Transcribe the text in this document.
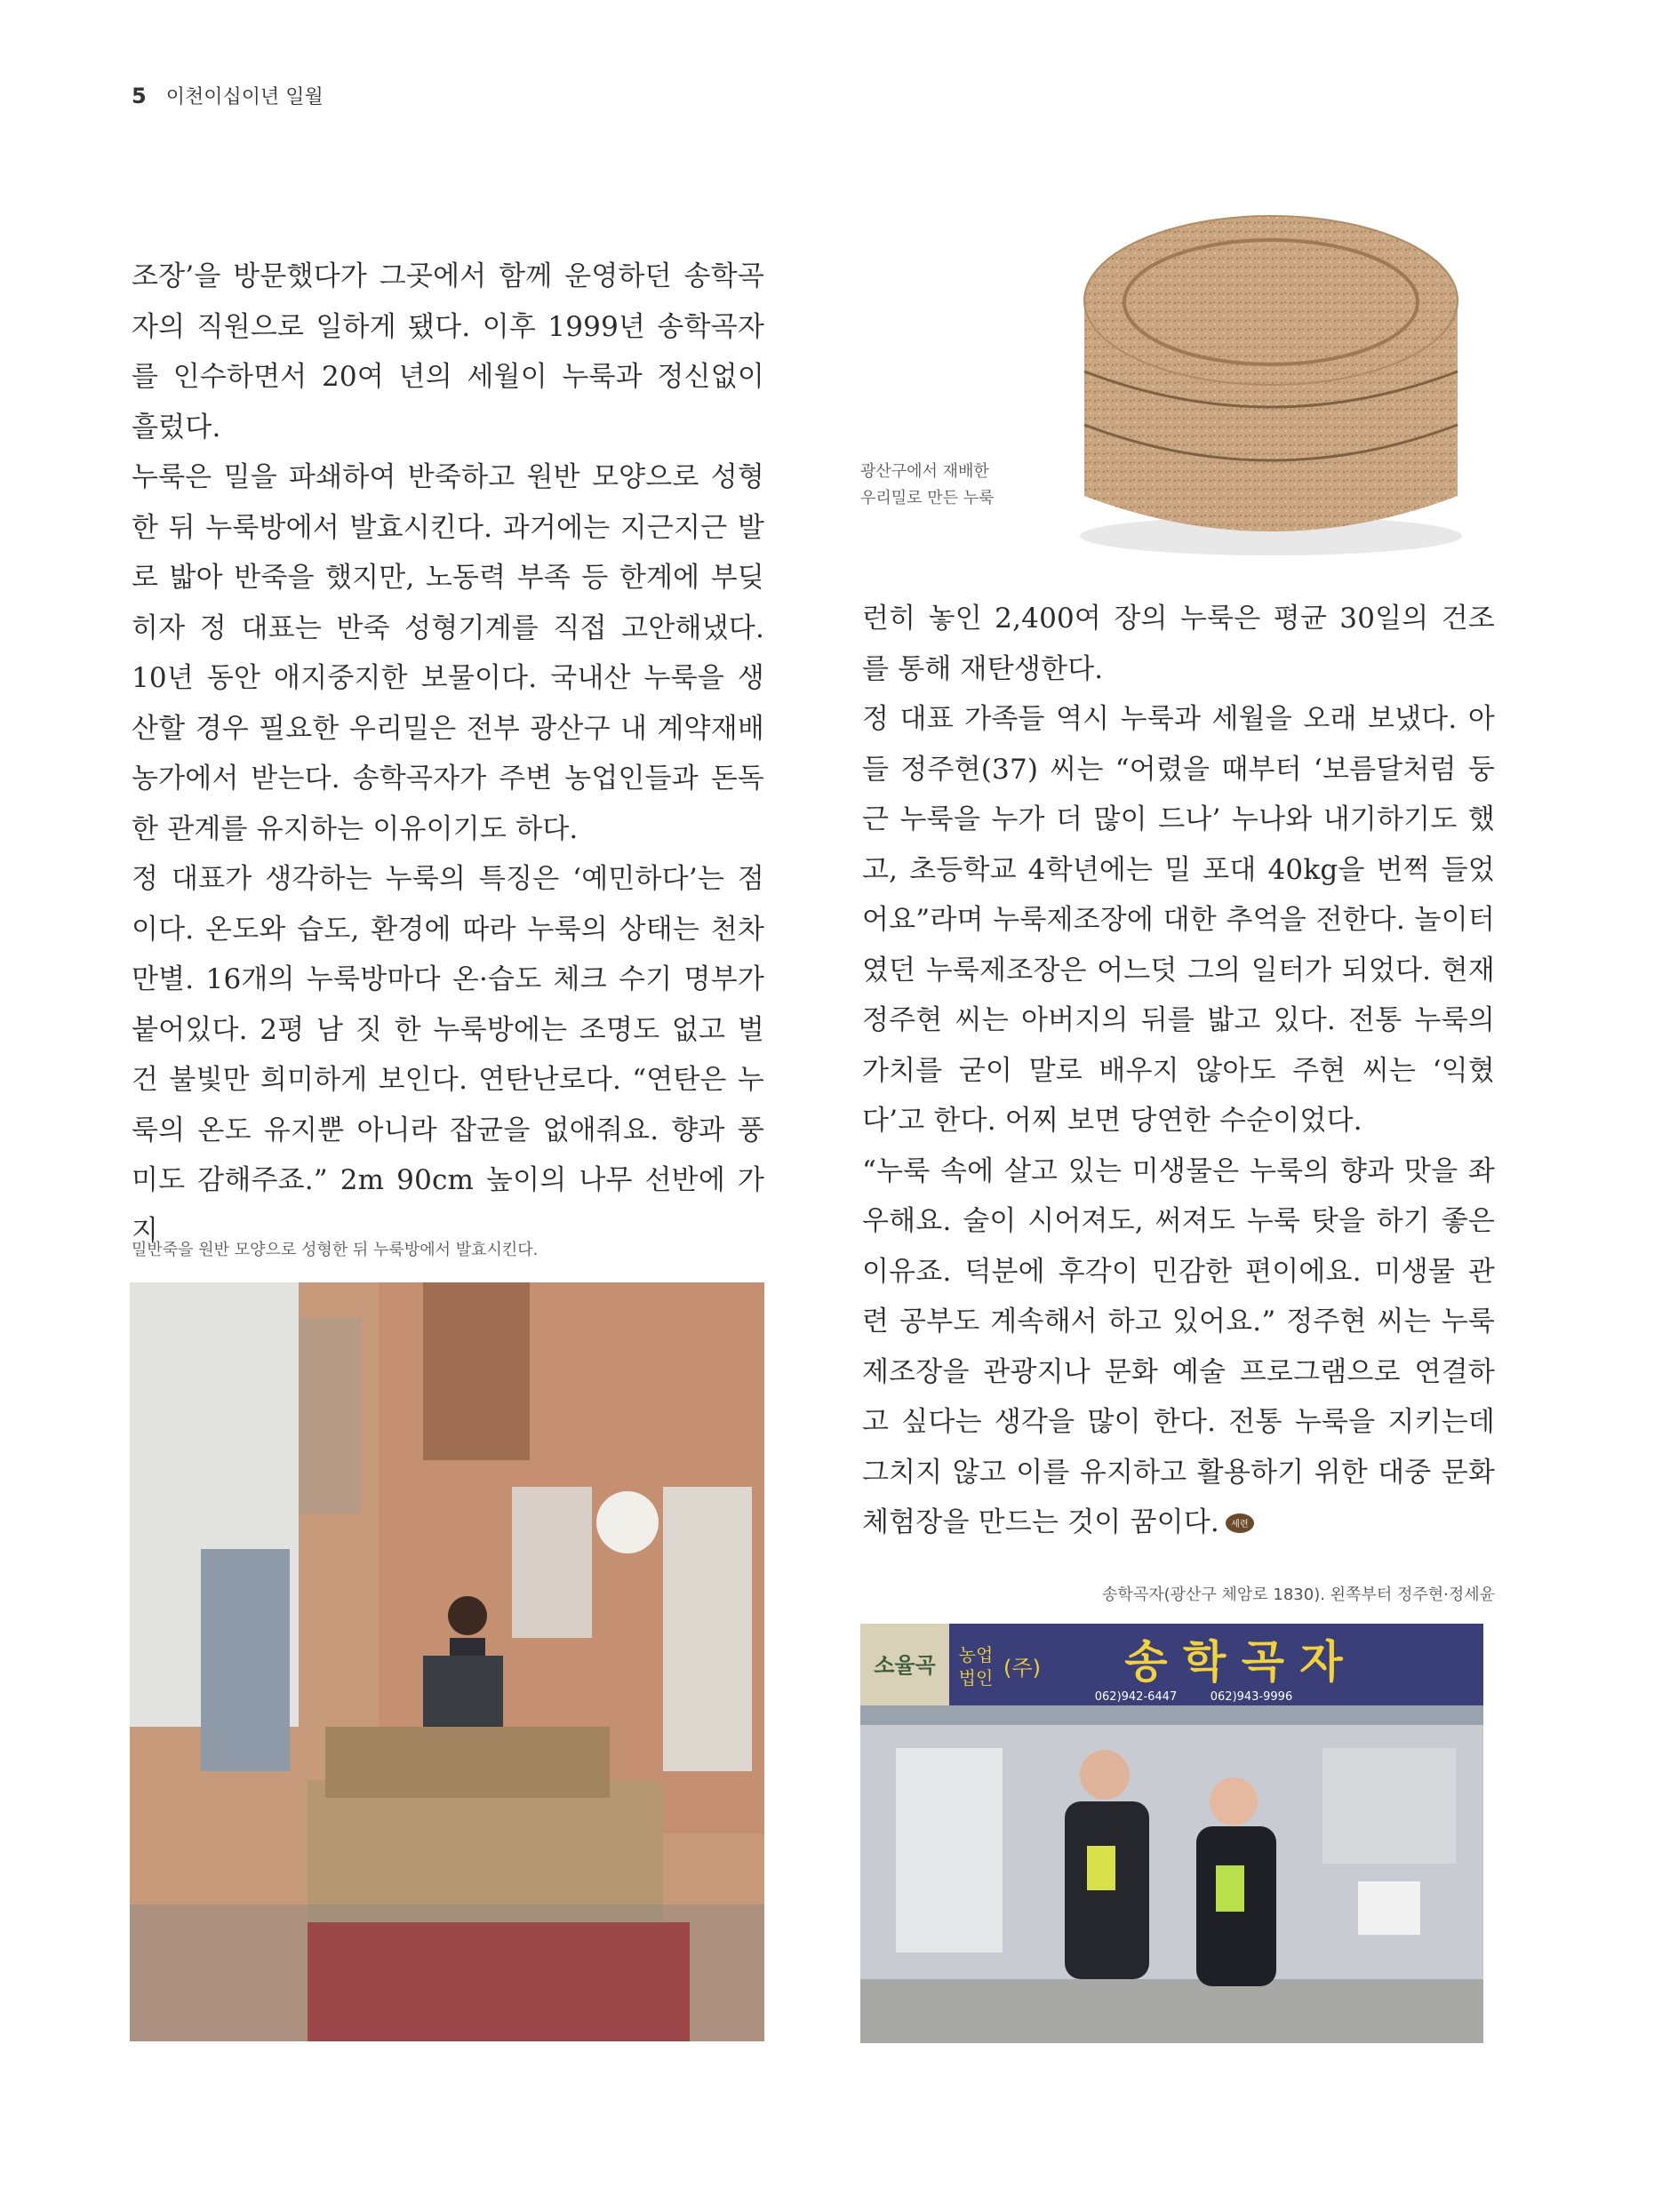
5 이천이십이년 일월

조장’을 방문했다가 그곳에서 함께 운영하던 송학곡자의 직원으로 일하게 됐다. 이후 1999년 송학곡자를 인수하면서 20여 년의 세월이 누룩과 정신없이 흘렀다.

누룩은 밀을 파쇄하여 반죽하고 원반 모양으로 성형한 뒤 누룩방에서 발효시킨다. 과거에는 지근지근 발로 밟아 반죽을 했지만, 노동력 부족 등 한계에 부딪히자 정 대표는 반죽 성형기계를 직접 고안해냈다. 10년 동안 애지중지한 보물이다. 국내산 누룩을 생산할 경우 필요한 우리밀은 전부 광산구 내 계약재배 농가에서 받는다. 송학곡자가 주변 농업인들과 돈독한 관계를 유지하는 이유이기도 하다.

정 대표가 생각하는 누룩의 특징은 ‘예민하다’는 점이다. 온도와 습도, 환경에 따라 누룩의 상태는 천차만별. 16개의 누룩방마다 온·습도 체크 수기 명부가 붙어있다. 2평 남 짓 한 누룩방에는 조명도 없고 벌건 불빛만 희미하게 보인다. 연탄난로다. “연탄은 누룩의 온도 유지뿐 아니라 잡균을 없애줘요. 향과 풍미도 감해주죠.” 2m 90cm 높이의 나무 선반에 가지

광산구에서 재배한
우리밀로 만든 누룩

런히 놓인 2,400여 장의 누룩은 평균 30일의 건조를 통해 재탄생한다.

정 대표 가족들 역시 누룩과 세월을 오래 보냈다. 아들 정주현(37) 씨는 “어렸을 때부터 ‘보름달처럼 둥근 누룩을 누가 더 많이 드나’ 누나와 내기하기도 했고, 초등학교 4학년에는 밀 포대 40kg을 번쩍 들었어요”라며 누룩제조장에 대한 추억을 전한다. 놀이터였던 누룩제조장은 어느덧 그의 일터가 되었다. 현재 정주현 씨는 아버지의 뒤를 밟고 있다. 전통 누룩의 가치를 굳이 말로 배우지 않아도 주현 씨는 ‘익혔다’고 한다. 어찌 보면 당연한 수순이었다.

“누룩 속에 살고 있는 미생물은 누룩의 향과 맛을 좌우해요. 술이 시어져도, 써져도 누룩 탓을 하기 좋은 이유죠. 덕분에 후각이 민감한 편이에요. 미생물 관련 공부도 계속해서 하고 있어요.” 정주현 씨는 누룩 제조장을 관광지나 문화 예술 프로그램으로 연결하고 싶다는 생각을 많이 한다. 전통 누룩을 지키는데 그치지 않고 이를 유지하고 활용하기 위한 대중 문화 체험장을 만드는 것이 꿈이다. 세련

밀반죽을 원반 모양으로 성형한 뒤 누룩방에서 발효시킨다.
송학곡자(광산구 체암로 1830). 왼쪽부터 정주현·정세윤
소율곡 농업
법인 (주) 송 학 곡 자
062)942-6447	062)943-9996
